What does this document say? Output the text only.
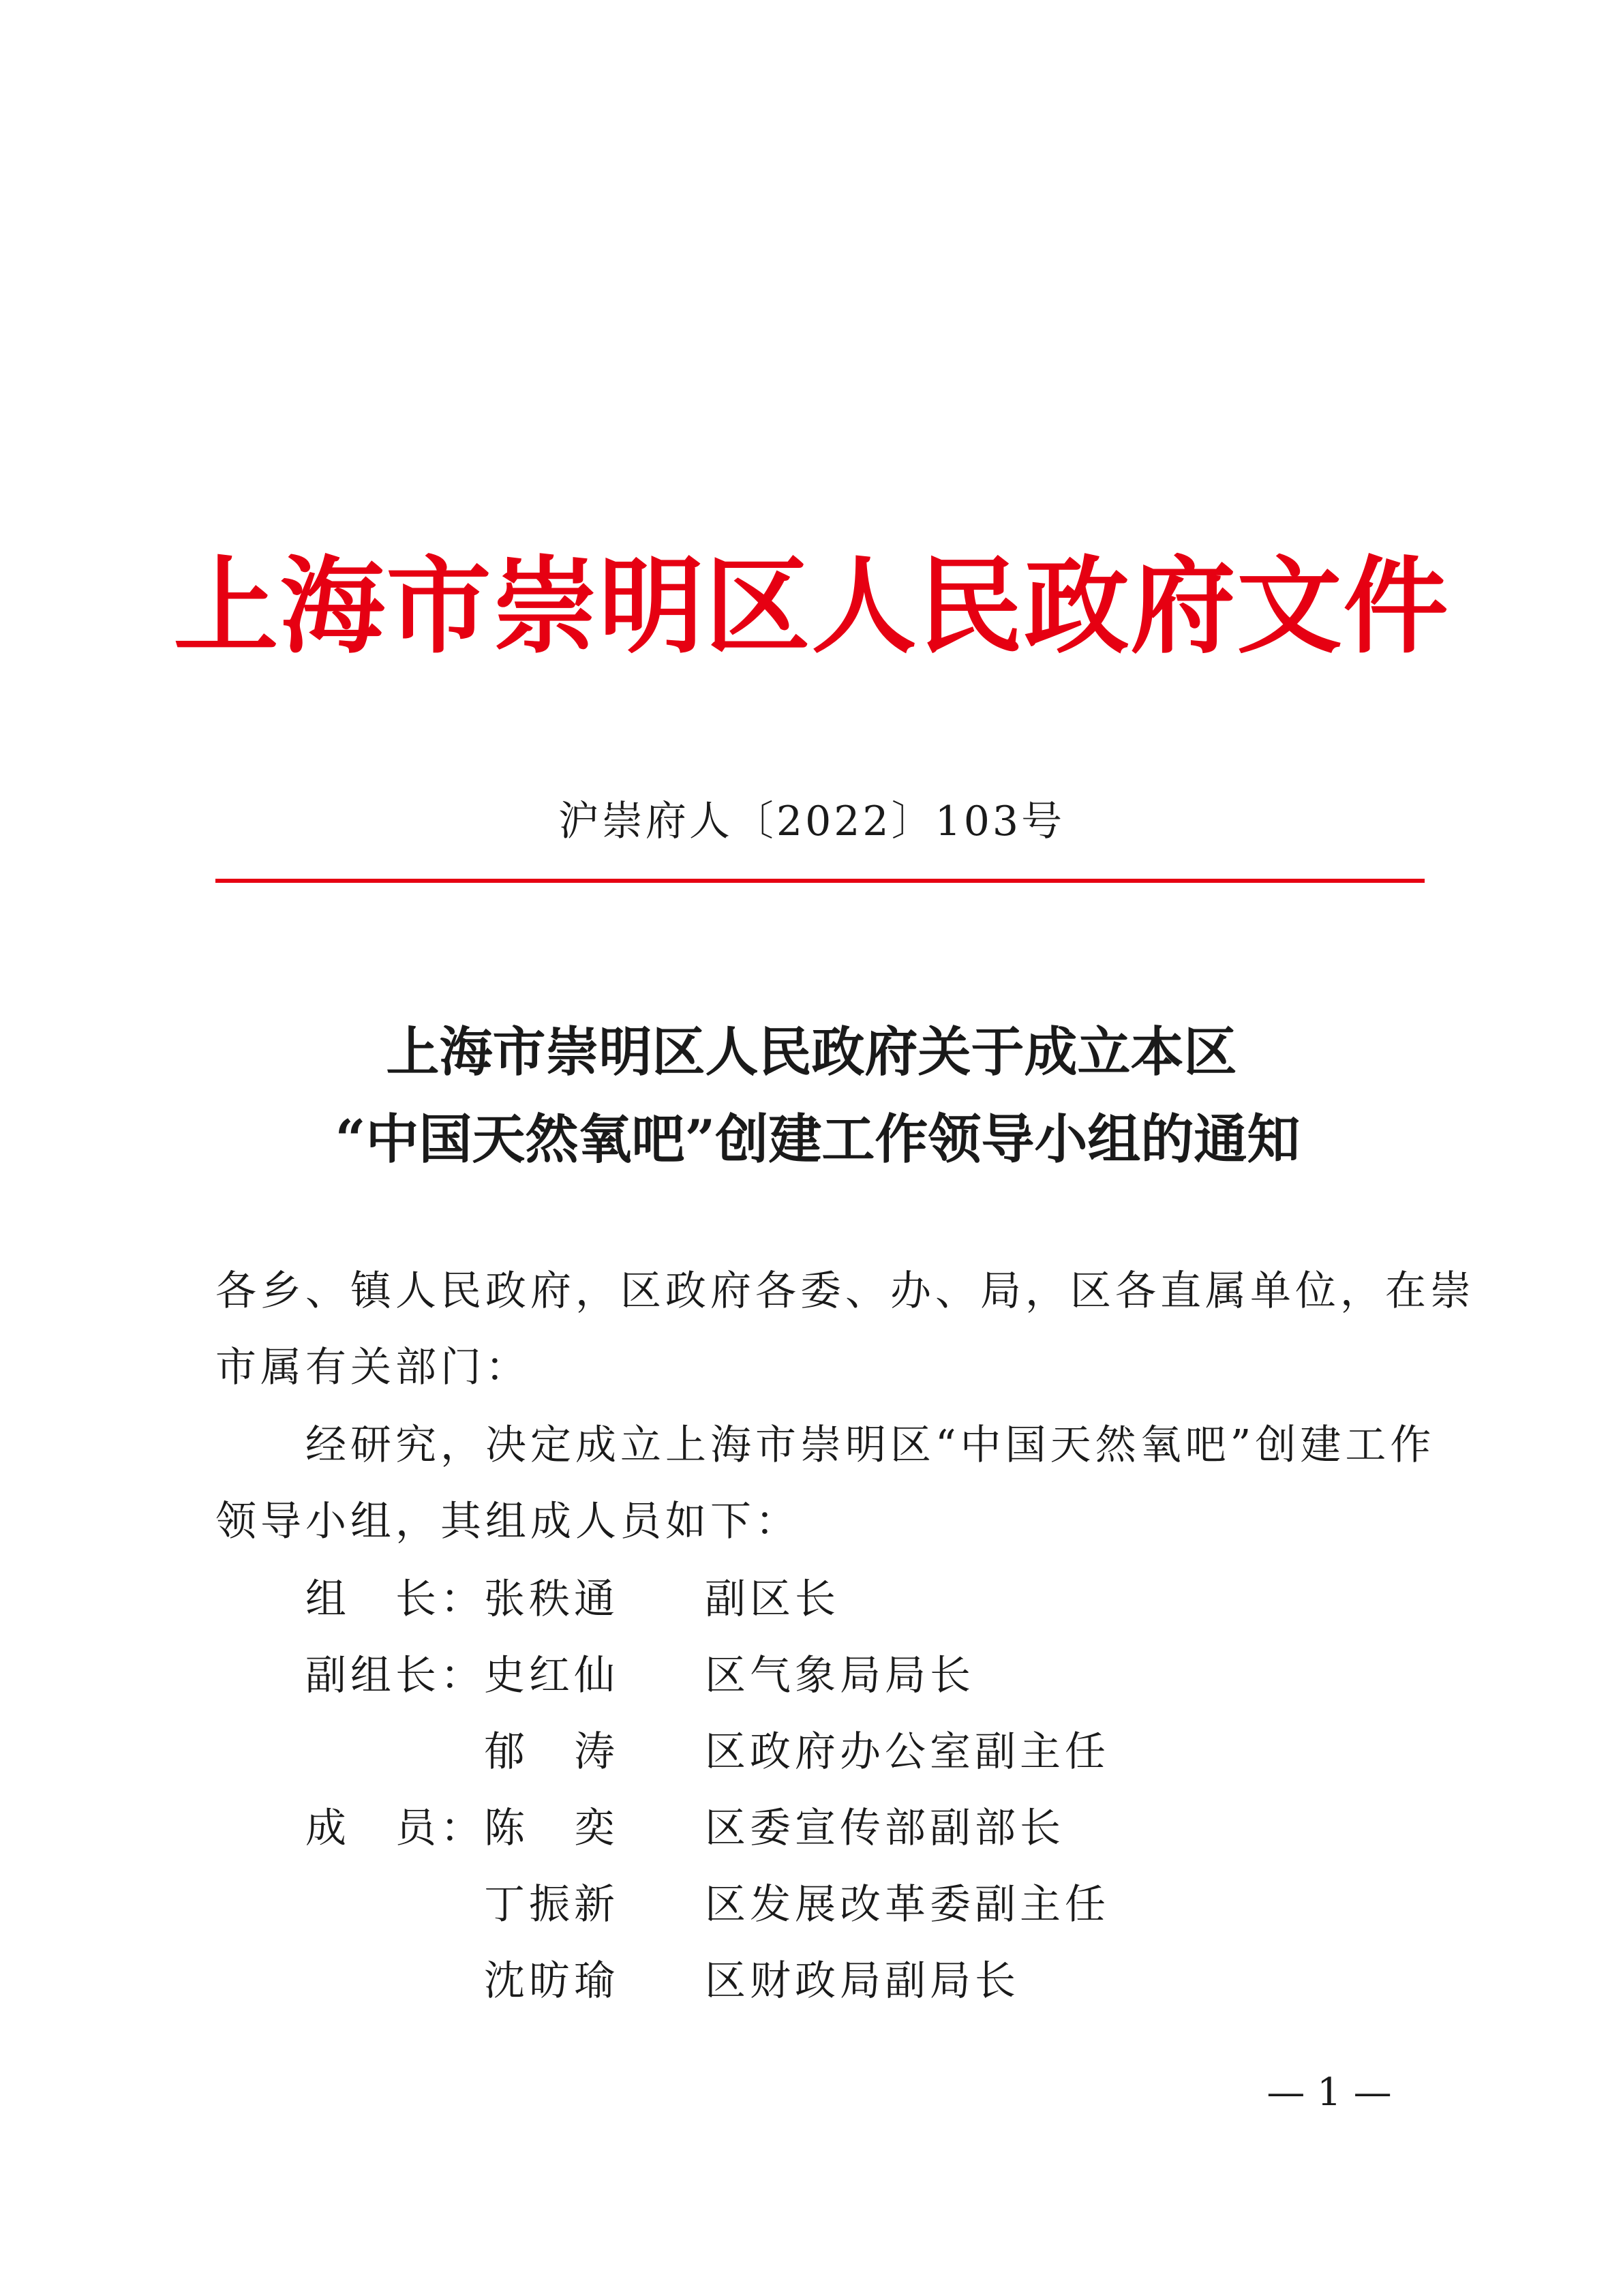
上海市崇明区人民政府文件
沪崇府人〔2022〕103号
上海市崇明区人民政府关于成立本区
“中国天然氧吧”创建工作领导小组的通知
各乡、镇人民政府，区政府各委、办、局，区各直属单位，在崇
市属有关部门：
经研究，决定成立上海市崇明区“中国天然氧吧”创建工作
领导小组，其组成人员如下：
组　长：
张秩通	副区长
副组长：
史红仙	区气象局局长
郁　涛	区政府办公室副主任
成　员：
陈　奕	区委宣传部副部长
丁振新	区发展改革委副主任
沈昉瑜	区财政局副局长
— 1 —
